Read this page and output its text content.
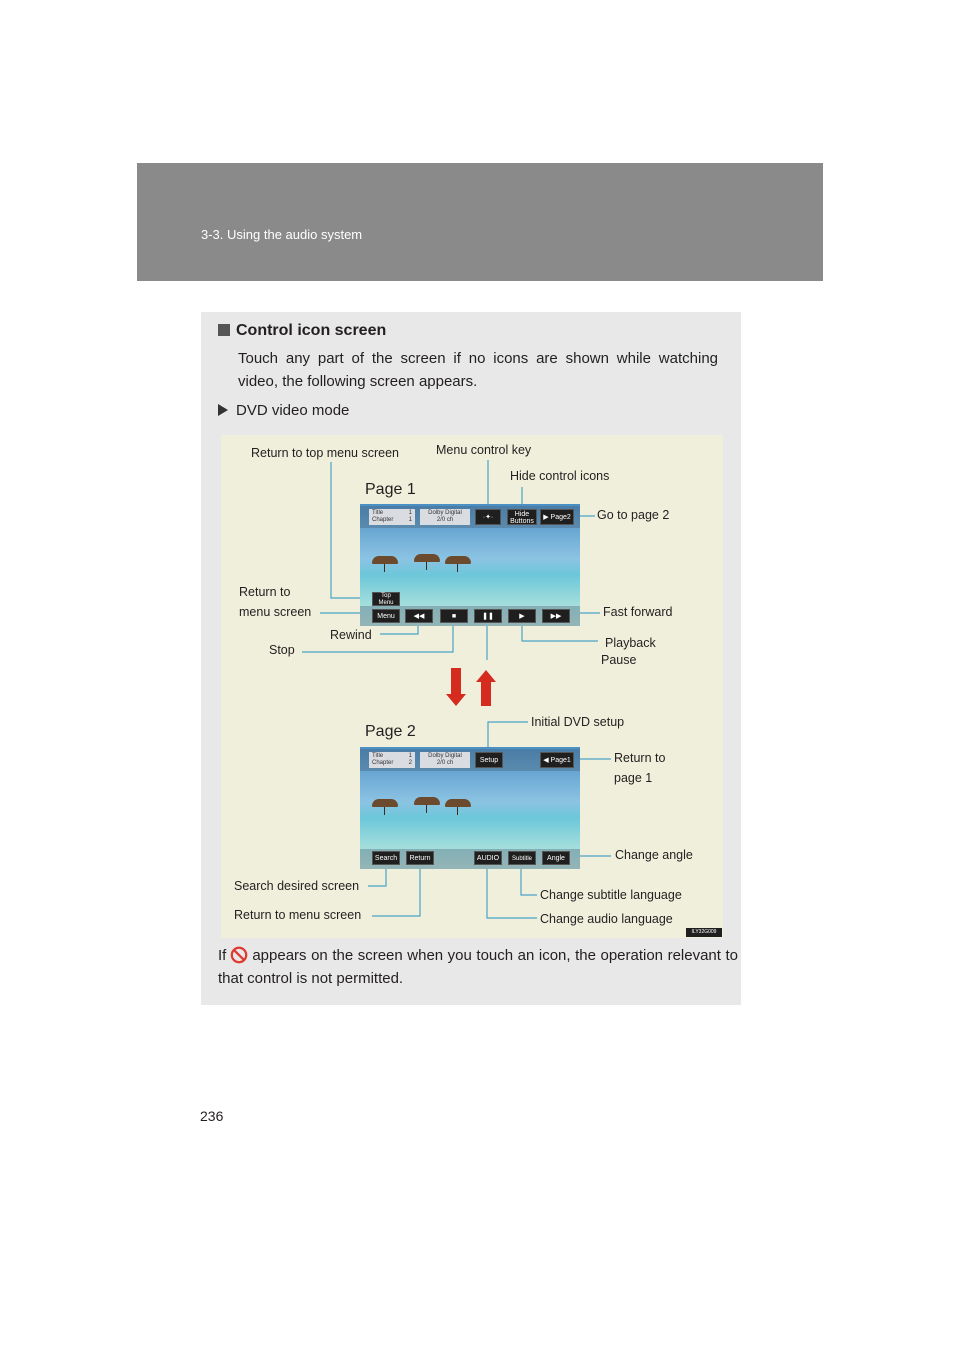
3-3. Using the audio system
Control icon screen
Touch any part of the screen if no icons are shown while watching video, the following screen appears.
DVD video mode
Return to top menu screen	Menu control key
Hide control icons
Page 1
Go to page 2
Return to
menu screen	Fast forward
Rewind
Playback
Stop
Pause
Title	1
Chapter	1
Dolby Digital
2/0 ch	·✦·	Hide
Buttons
▶ Page2
Top Menu
Menu	◀◀	■	❚❚	▶	▶▶
Page 2
Initial DVD setup
Return to
page 1
Change angle
Search desired screen
Change subtitle language
Return to menu screen	Change audio language
Title	1
Chapter	2
Dolby Digital
2/0 ch	Setup	◀ Page1
Search	Return	AUDIO	Subtitle	Angle
ILY32G009
If appears on the screen when you touch an icon, the operation relevant to that control is not permitted.
236
